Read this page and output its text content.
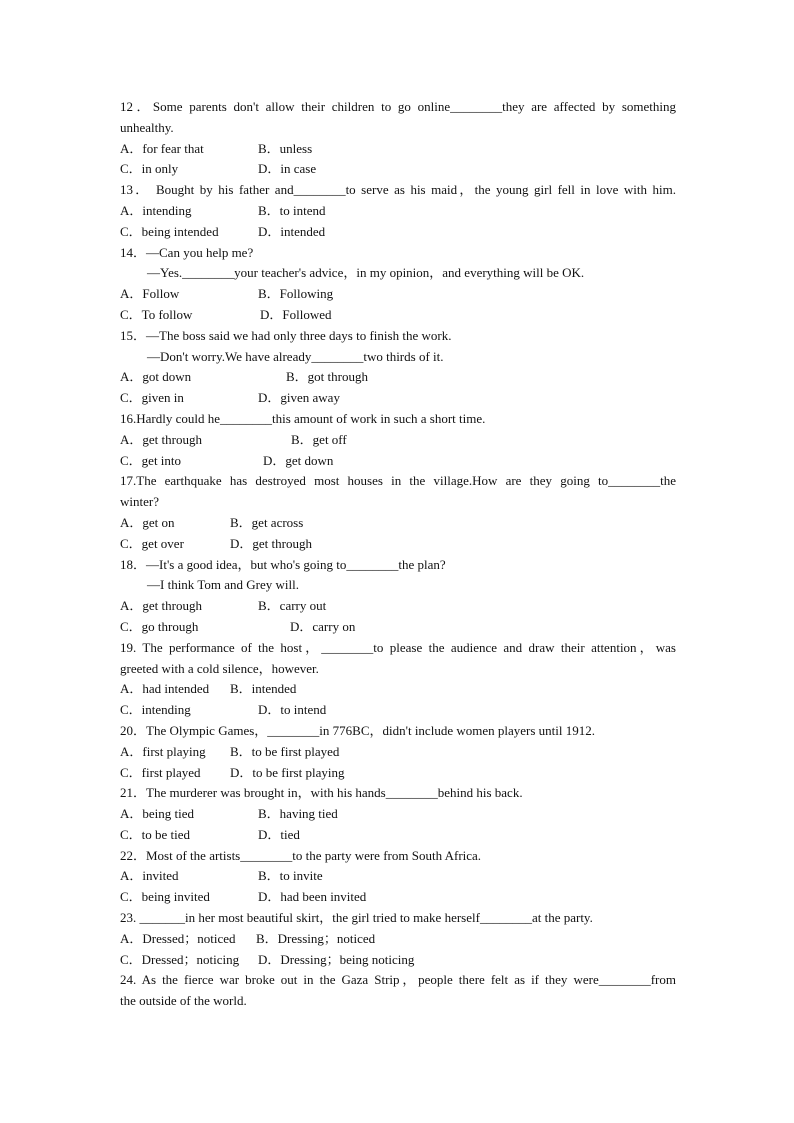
12．Some parents don't allow their children to go online________they are affected by something
unhealthy.
A．for fear that	B．unless
C．in only	D．in case
13． Bought by his father and________to serve as his maid，the young girl fell in love with him.
A．intending	B．to intend
C．being intended	D．intended
14．—Can you help me?
—Yes.________your teacher's advice，in my opinion，and everything will be OK.
A．Follow	B．Following
C．To follow	D．Followed
15．—The boss said we had only three days to finish the work.
—Don't worry.We have already________two thirds of it.
A．got down	B．got through
C．given in	D．given away
16.Hardly could he________this amount of work in such a short time.
A．get through	B．get off
C．get into	D．get down
17.The earthquake has destroyed most houses in the village.How are they going to________the
winter?
A．get on	B．get across
C．get over	D．get through
18．—It's a good idea，but who's going to________the plan?
—I think Tom and Grey will.
A．get through	B．carry out
C．go through	D．carry on
19. The performance of the host，________to please the audience and draw their attention，was
greeted with a cold silence，however.
A．had intended B．intended
C．intending	D．to intend
20．The Olympic Games，________in 776BC，didn't include women players until 1912.
A．first playing B．to be first played
C．first played D．to be first playing
21．The murderer was brought in，with his hands________behind his back.
A．being tied	B．having tied
C．to be tied	D．tied
22．Most of the artists________to the party were from South Africa.
A．invited	B．to invite
C．being invited	D．had been invited
23. _______in her most beautiful skirt，the girl tried to make herself________at the party.
A．Dressed；noticed B．Dressing；noticed
C．Dressed；noticing D．Dressing；being noticing
24. As the fierce war broke out in the Gaza Strip，people there felt as if they were________from
the outside of the world.
